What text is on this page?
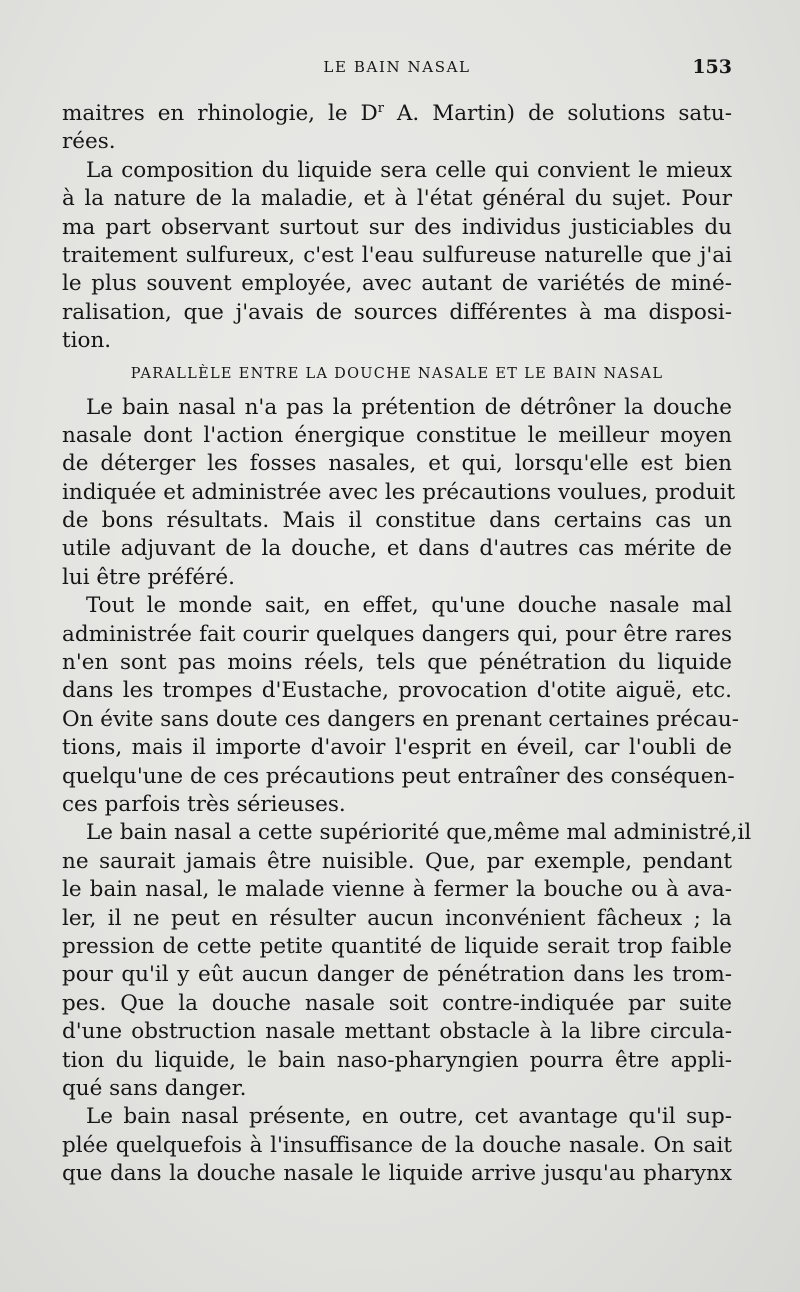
LE BAIN NASAL	153
maitres en rhinologie, le $D^r$ A. Martin) de solutions satu-
rées.
La composition du liquide sera celle qui convient le mieux
à la nature de la maladie, et à l'état général du sujet. Pour
ma part observant surtout sur des individus justiciables du
traitement sulfureux, c'est l'eau sulfureuse naturelle que j'ai
le plus souvent employée, avec autant de variétés de miné-
ralisation, que j'avais de sources différentes à ma disposi-
tion.
PARALLÈLE ENTRE LA DOUCHE NASALE ET LE BAIN NASAL
Le bain nasal n'a pas la prétention de détrôner la douche
nasale dont l'action énergique constitue le meilleur moyen
de déterger les fosses nasales, et qui, lorsqu'elle est bien
indiquée et administrée avec les précautions voulues, produit
de bons résultats. Mais il constitue dans certains cas un
utile adjuvant de la douche, et dans d'autres cas mérite de
lui être préféré.
Tout le monde sait, en effet, qu'une douche nasale mal
administrée fait courir quelques dangers qui, pour être rares
n'en sont pas moins réels, tels que pénétration du liquide
dans les trompes d'Eustache, provocation d'otite aiguë, etc.
On évite sans doute ces dangers en prenant certaines précau-
tions, mais il importe d'avoir l'esprit en éveil, car l'oubli de
quelqu'une de ces précautions peut entraîner des conséquen-
ces parfois très sérieuses.
Le bain nasal a cette supériorité que,même mal administré,il
ne saurait jamais être nuisible. Que, par exemple, pendant
le bain nasal, le malade vienne à fermer la bouche ou à ava-
ler, il ne peut en résulter aucun inconvénient fâcheux ; la
pression de cette petite quantité de liquide serait trop faible
pour qu'il y eût aucun danger de pénétration dans les trom-
pes. Que la douche nasale soit contre-indiquée par suite
d'une obstruction nasale mettant obstacle à la libre circula-
tion du liquide, le bain naso-pharyngien pourra être appli-
qué sans danger.
Le bain nasal présente, en outre, cet avantage qu'il sup-
plée quelquefois à l'insuffisance de la douche nasale. On sait
que dans la douche nasale le liquide arrive jusqu'au pharynx
